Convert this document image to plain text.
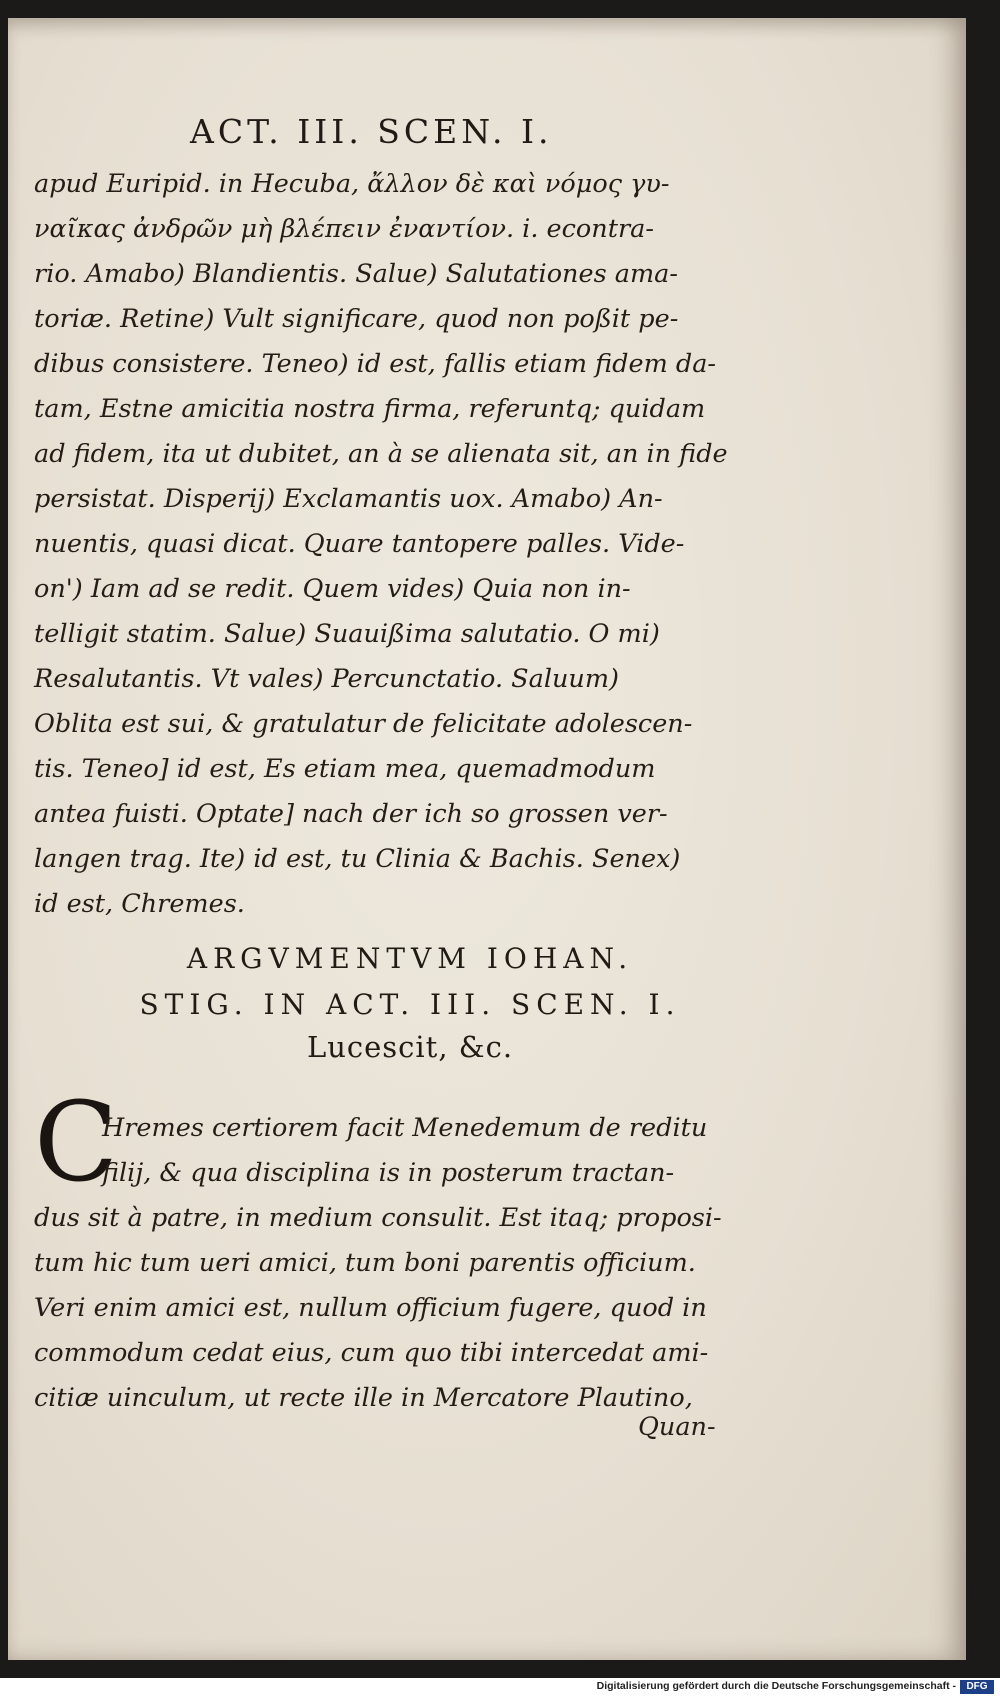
ACT. III. SCEN. I.
apud Euripid. in Hecuba, ἄλλον δὲ καὶ νόμος γυ-
ναῖκας ἀνδρῶν μὴ βλέπειν ἐναντίον. i. econtra-
rio. Amabo) Blandientis. Salue) Salutationes ama-
toriæ. Retine) Vult significare, quod non poßit pe-
dibus consistere. Teneo) id est, fallis etiam fidem da-
tam, Estne amicitia nostra firma, referuntq; quidam
ad fidem, ita ut dubitet, an à se alienata sit, an in fide
persistat. Disperij) Exclamantis uox. Amabo) An-
nuentis, quasi dicat. Quare tantopere palles. Vide-
on') Iam ad se redit. Quem vides) Quia non in-
telligit statim. Salue) Suauißima salutatio. O mi)
Resalutantis. Vt vales) Percunctatio. Saluum)
Oblita est sui, & gratulatur de felicitate adolescen-
tis. Teneo] id est, Es etiam mea, quemadmodum
antea fuisti. Optate] nach der ich so grossen ver-
langen trag. Ite) id est, tu Clinia & Bachis. Senex)
id est, Chremes.
ARGVMENTVM IOHAN.
STIG. IN ACT. III. SCEN. I.
Lucescit, &c.
C
Hremes certiorem facit Menedemum de reditu
filij, & qua disciplina is in posterum tractan-
dus sit à patre, in medium consulit. Est itaq; proposi-
tum hic tum ueri amici, tum boni parentis officium.
Veri enim amici est, nullum officium fugere, quod in
commodum cedat eius, cum quo tibi intercedat ami-
citiæ uinculum, ut recte ille in Mercatore Plautino,
Quan-
Digitalisierung gefördert durch die Deutsche Forschungsgemeinschaft -	DFG
